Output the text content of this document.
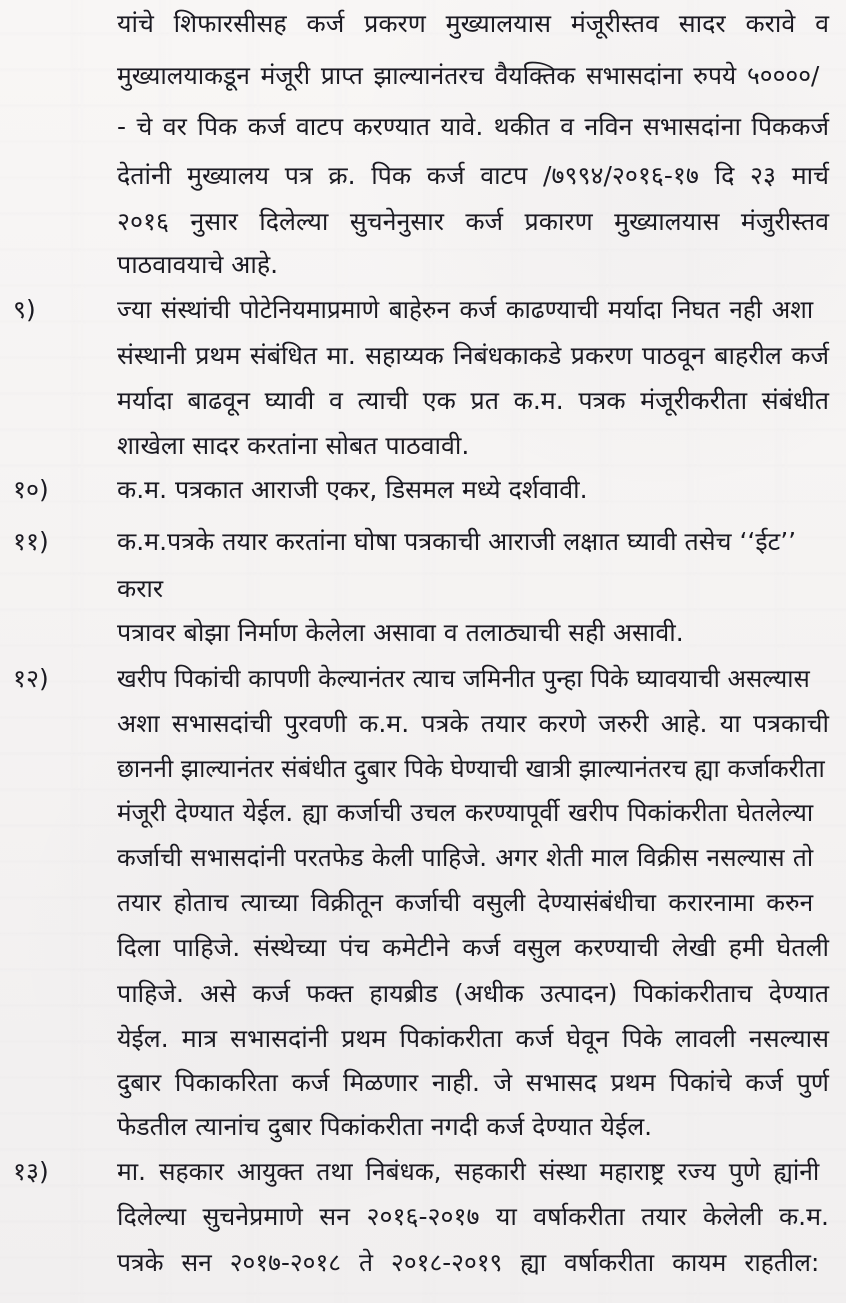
यांचे शिफारसीसह कर्ज प्रकरण मुख्यालयास मंजूरीस्तव सादर करावे व
मुख्यालयाकडून मंजूरी प्राप्त झाल्यानंतरच वैयक्तिक सभासदांना रुपये ५००००/
- चे वर पिक कर्ज वाटप करण्यात यावे. थकीत व नविन सभासदांना पिककर्ज
देतांनी मुख्यालय पत्र क्र. पिक कर्ज वाटप /७९९४/२०१६-१७ दि २३ मार्च
२०१६ नुसार दिलेल्या सुचनेनुसार कर्ज प्रकारण मुख्यालयास मंजुरीस्तव
पाठवावयाचे आहे.
९)	ज्या संस्थांची पोटेनियमाप्रमाणे बाहेरुन कर्ज काढण्याची मर्यादा निघत नही अशा
संस्थानी प्रथम संबंधित मा. सहाय्यक निबंधकाकडे प्रकरण पाठवून बाहरील कर्ज
मर्यादा बाढवून घ्यावी व त्याची एक प्रत क.म. पत्रक मंजूरीकरीता संबंधीत
शाखेला सादर करतांना सोबत पाठवावी.
१०)	क.म. पत्रकात आराजी एकर, डिसमल मध्ये दर्शवावी.
११)	क.म.पत्रके तयार करतांना घोषा पत्रकाची आराजी लक्षात घ्यावी तसेच ‘‘ईट’’
करार
पत्रावर बोझा निर्माण केलेला असावा व तलाठ्याची सही असावी.
१२)	खरीप पिकांची कापणी केल्यानंतर त्याच जमिनीत पुन्हा पिके घ्यावयाची असल्यास
अशा सभासदांची पुरवणी क.म. पत्रके तयार करणे जरुरी आहे. या पत्रकाची
छाननी झाल्यानंतर संबंधीत दुबार पिके घेण्याची खात्री झाल्यानंतरच ह्या कर्जाकरीता
मंजूरी देण्यात येईल. ह्या कर्जाची उचल करण्यापूर्वी खरीप पिकांकरीता घेतलेल्या
कर्जाची सभासदांनी परतफेड केली पाहिजे. अगर शेती माल विक्रीस नसल्यास तो
तयार होताच त्याच्या विक्रीतून कर्जाची वसुली देण्यासंबंधीचा करारनामा करुन
दिला पाहिजे. संस्थेच्या पंच कमेटीने कर्ज वसुल करण्याची लेखी हमी घेतली
पाहिजे. असे कर्ज फक्त हायब्रीड (अधीक उत्पादन) पिकांकरीताच देण्यात
येईल. मात्र सभासदांनी प्रथम पिकांकरीता कर्ज घेवून पिके लावली नसल्यास
दुबार पिकाकरिता कर्ज मिळणार नाही. जे सभासद प्रथम पिकांचे कर्ज पुर्ण
फेडतील त्यानांच दुबार पिकांकरीता नगदी कर्ज देण्यात येईल.
१३)	मा. सहकार आयुक्त तथा निबंधक, सहकारी संस्था महाराष्ट्र रज्य पुणे ह्यांनी
दिलेल्या सुचनेप्रमाणे सन २०१६-२०१७ या वर्षाकरीता तयार केलेली क.म.
पत्रके सन २०१७-२०१८ ते २०१८-२०१९ ह्या वर्षाकरीता कायम राहतील:
